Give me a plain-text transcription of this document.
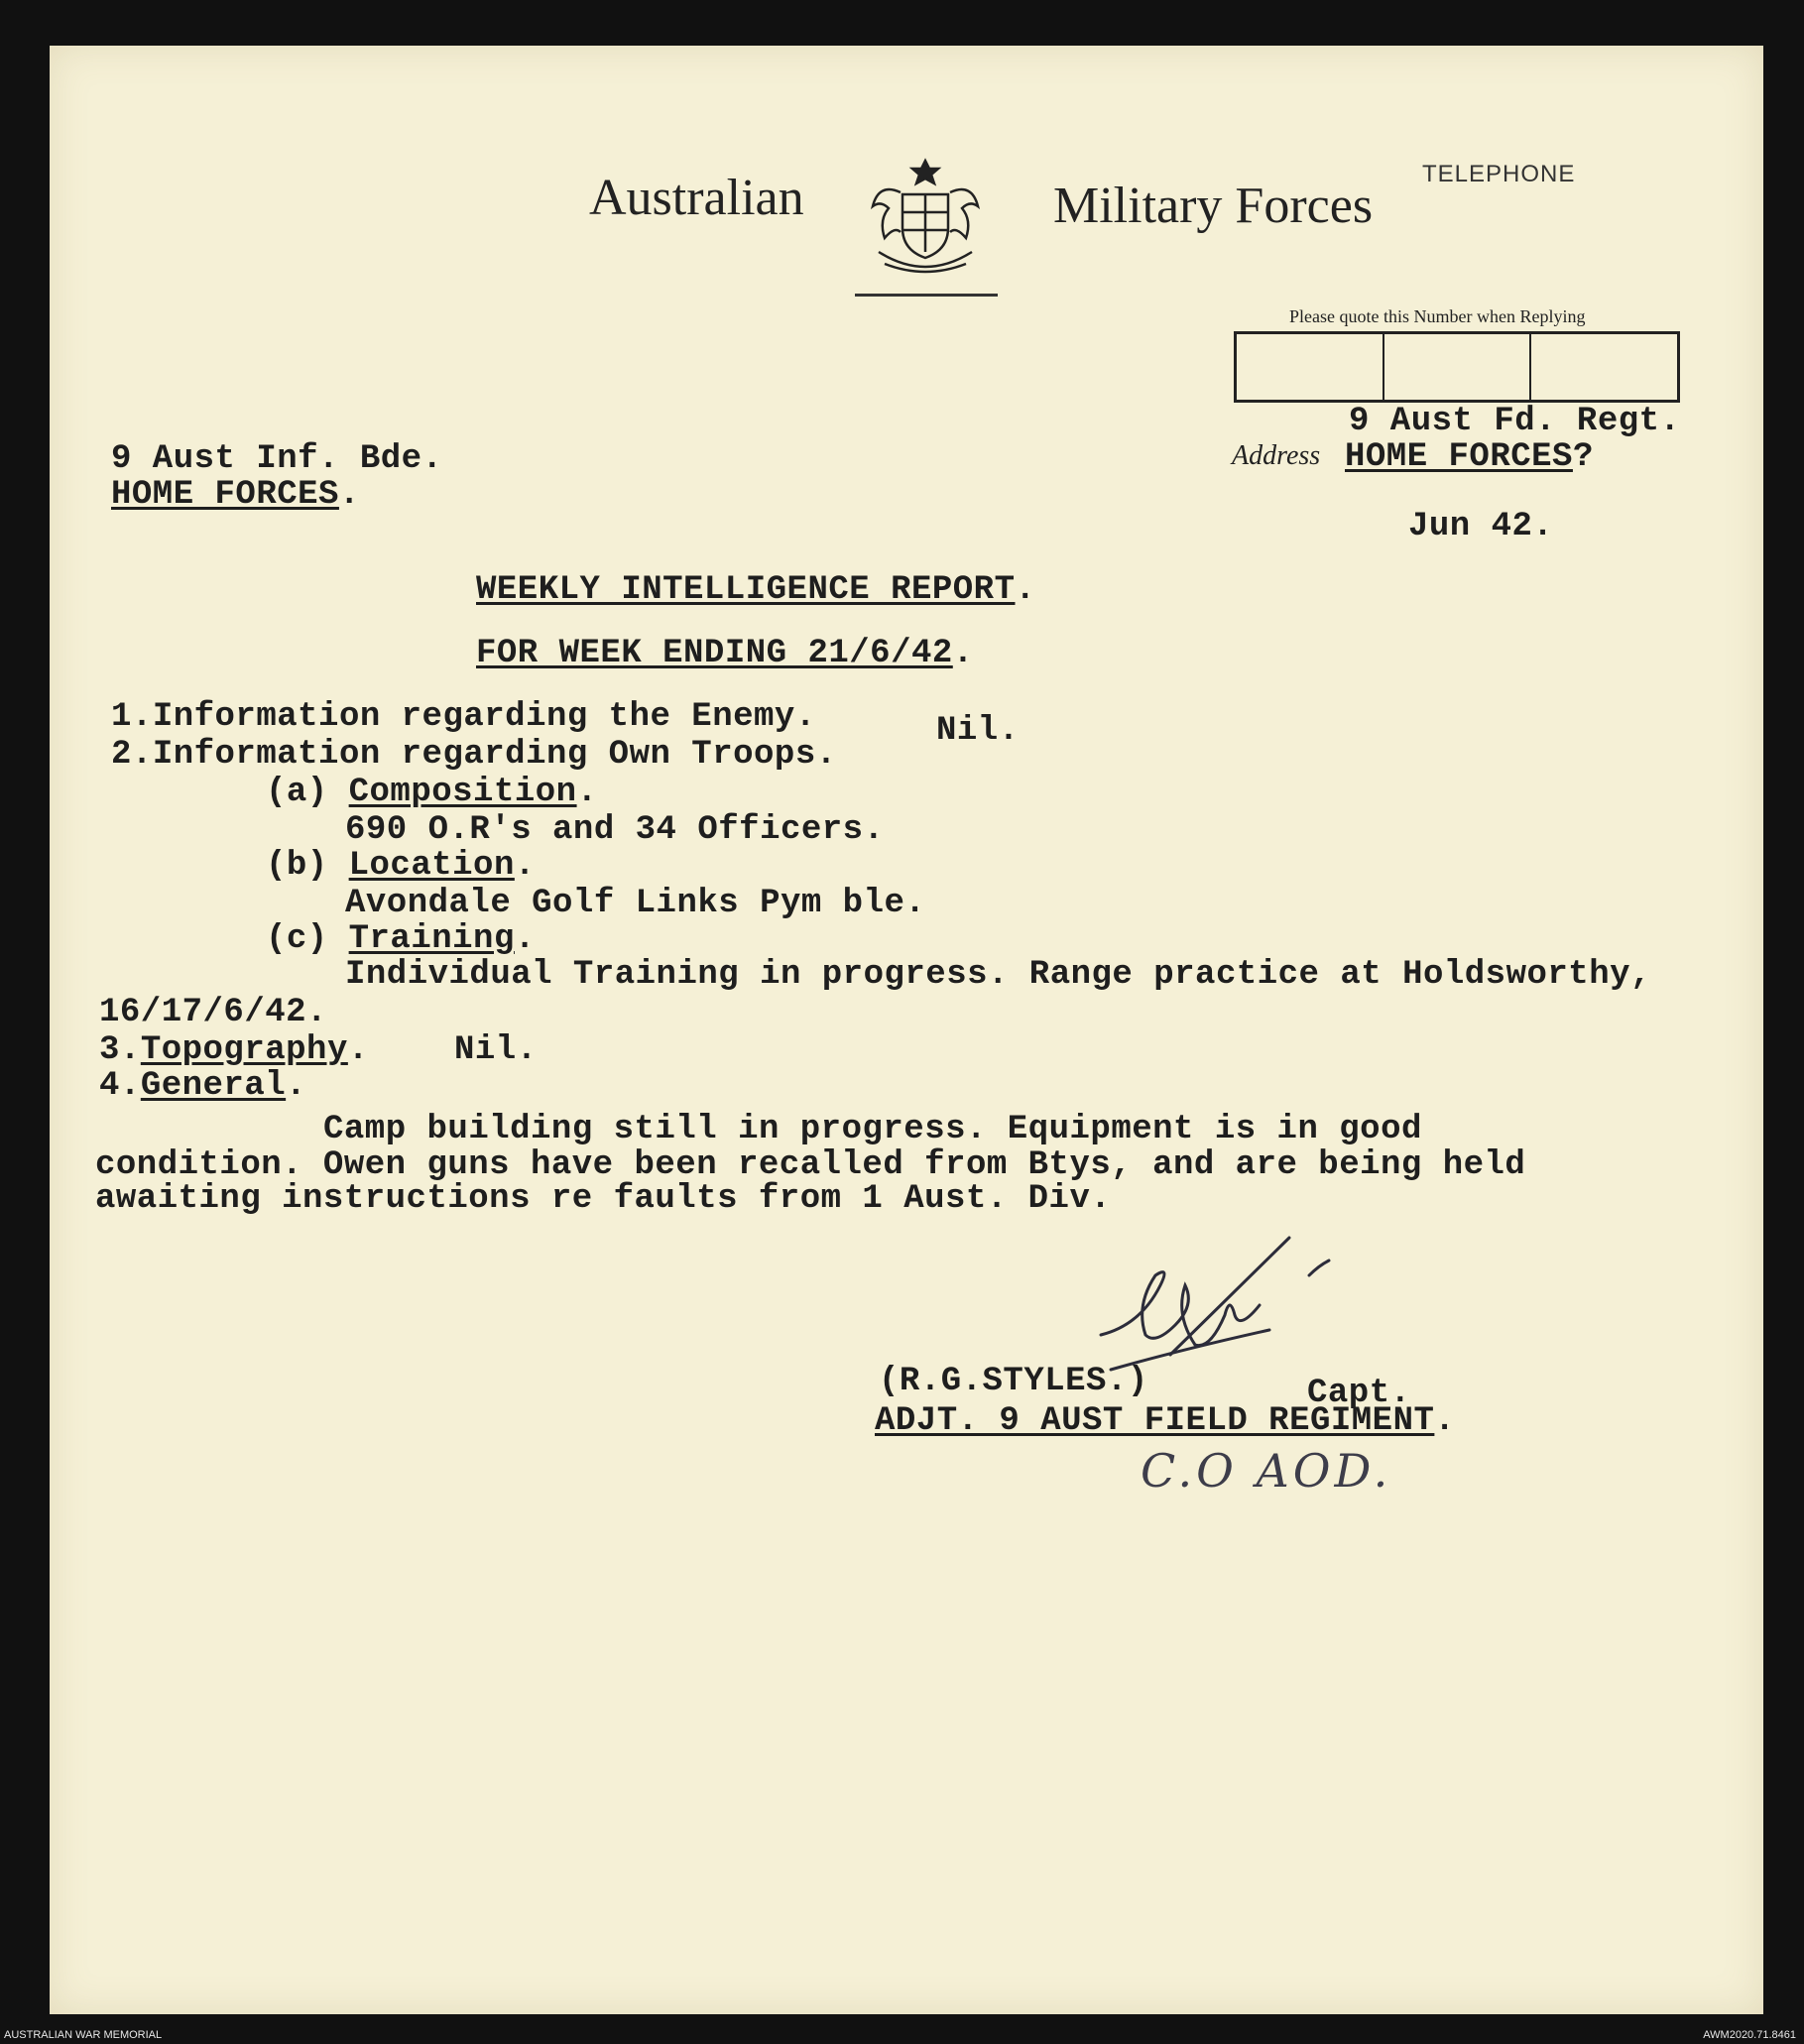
Australian	Military Forces
TELEPHONE
Please quote this Number when Replying
9 Aust Fd. Regt.
Address HOME FORCES?
Jun 42.
9 Aust Inf. Bde.
HOME FORCES.
WEEKLY INTELLIGENCE REPORT.
FOR WEEK ENDING 21/6/42.
1.Information regarding the Enemy.	Nil.
2.Information regarding Own Troops.
(a) Composition.
690 O.R's and 34 Officers.
(b) Location.
Avondale Golf Links Pym ble.
(c) Training.
Individual Training in progress. Range practice at Holdsworthy,
16/17/6/42.
3.Topography.	Nil.
4.General.
Camp building still in progress. Equipment is in good
condition. Owen guns have been recalled from Btys, and are being held
awaiting instructions re faults from 1 Aust. Div.
(R.G.STYLES.)	Capt.
ADJT. 9 AUST FIELD REGIMENT.
C.O AOD.
AUSTRALIAN WAR MEMORIAL	AWM2020.71.8461
